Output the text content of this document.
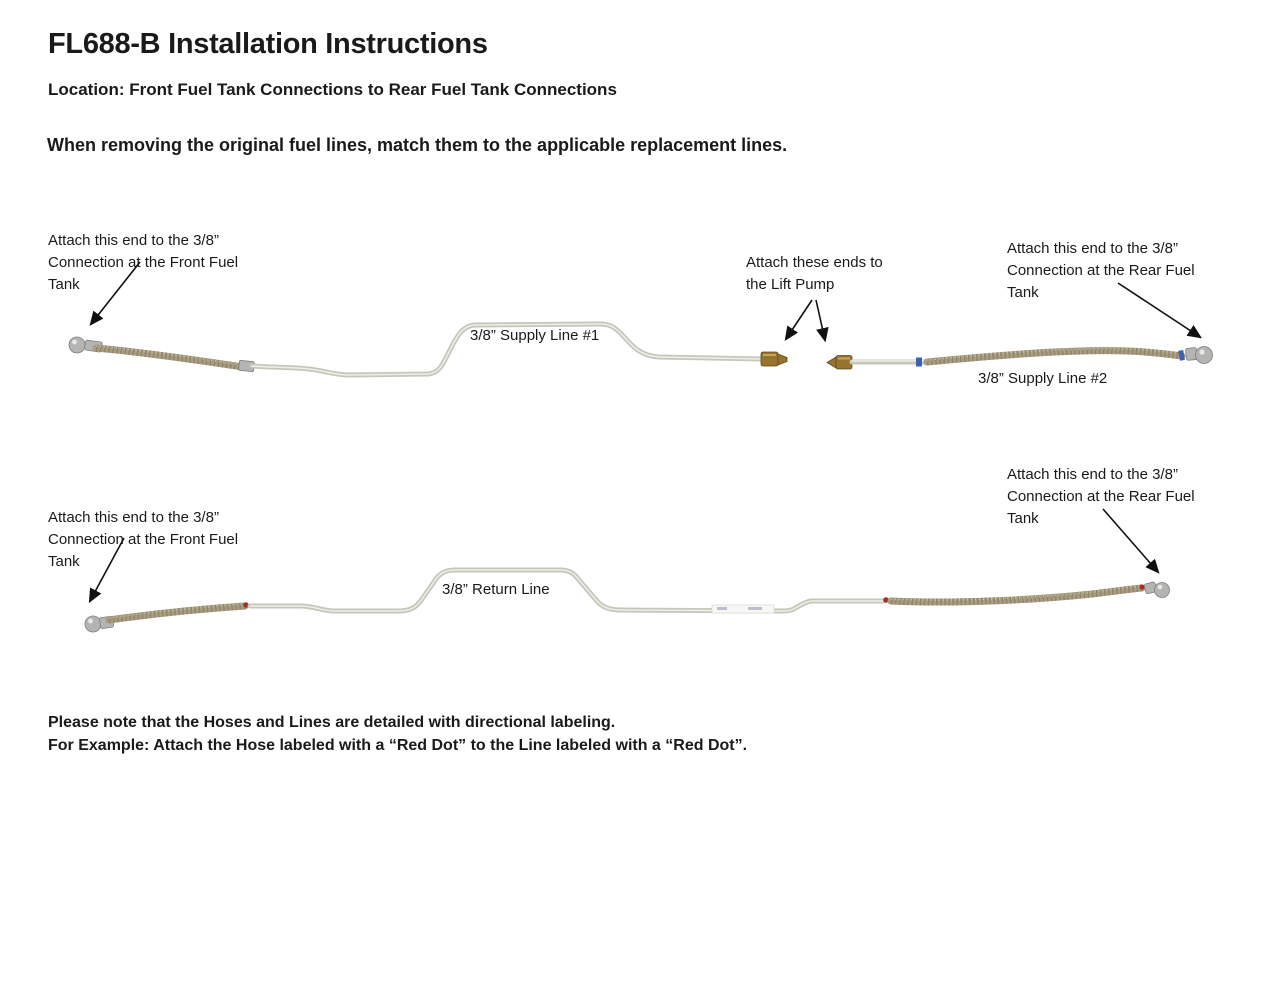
FL688-B Installation Instructions
Location: Front Fuel Tank Connections to Rear Fuel Tank Connections
When removing the original fuel lines, match them to the applicable replacement lines.
Attach this end to the 3/8” Connection at the Front Fuel Tank
Attach these ends to the Lift Pump
Attach this end to the 3/8” Connection at the Rear Fuel Tank
3/8” Supply Line #1
3/8” Supply Line #2
Attach this end to the 3/8” Connection at the Front Fuel Tank
Attach this end to the 3/8” Connection at the Rear Fuel Tank
3/8” Return Line
Please note that the Hoses and Lines are detailed with directional labeling.
For Example: Attach the Hose labeled with a “Red Dot” to the Line labeled with a “Red Dot”.
